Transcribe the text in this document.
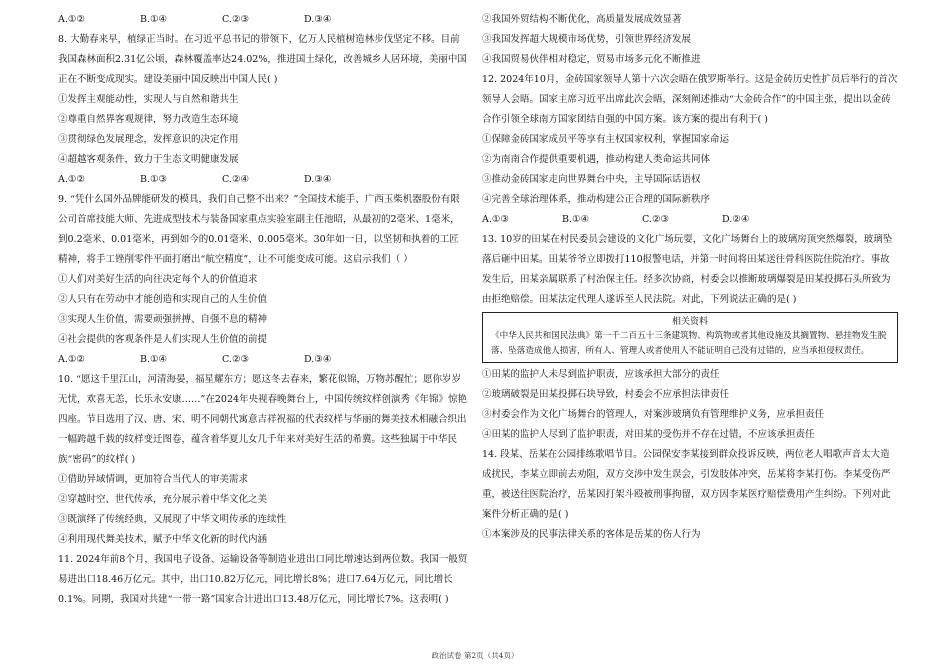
A.①②	B.①④	C.②③	D.③④
8. 大勤春来早，植绿正当时。在习近平总书记的带领下，亿万人民植树造林步伐坚定不移。目前我国森林面积2.31亿公顷，森林覆盖率达24.02%，推进国土绿化，改善城乡人居环境，美丽中国正在不断变成现实。建设美丽中国反映出中国人民( )
①发挥主观能动性，实现人与自然和谐共生
②尊重自然界客观规律，努力改造生态环境
③贯彻绿色发展理念，发挥意识的决定作用
④超越客观条件，致力于生态文明健康发展
A.①②	B.①③	C.②④	D.③④
9. “凭什么国外品牌能研发的模具，我们自己整不出来？”全国技术能手、广西玉柴机器股份有限公司首席技能大师、先进成型技术与装备国家重点实验室副主任池昭，从最初的2毫米、1毫米，到0.2毫米、0.01毫米，再到如今的0.01毫米、0.005毫米。30年如一日，以坚韧和执着的工匠精神，将手工锉削零件平面打磨出“航空精度”，让不可能变成可能。这启示我们（ ）
①人们对美好生活的向往决定每个人的价值追求
②人只有在劳动中才能创造和实现自己的人生价值
③实现人生价值，需要顽强拼搏、自强不息的精神
④社会提供的客观条件是人们实现人生价值的前提
A.①②	B.①④	C.②③	D.③④
10. “愿这千里江山，河清海晏，福星耀东方；愿这冬去春来，繁花似锦，万物苏醒忙；愿你岁岁无忧，欢喜无恙，长乐永安康……”在2024年央视春晚舞台上，中国传统纹样创演秀《年锦》惊艳四座。节目选用了汉、唐、宋、明不同朝代寓意吉祥祝福的代表纹样与华丽的舞美技术相融合织出一幅跨越千载的纹样变迁图卷，蕴含着华夏儿女几千年来对美好生活的希冀。这些独属于中华民族“密码”的纹样( )
①借助异域情调，更加符合当代人的审美需求
②穿越时空、世代传承，充分展示着中华文化之美
③既演绎了传统经典，又展现了中华文明传承的连续性
④利用现代舞美技术，赋予中华文化新的时代内涵
11. 2024年前8个月，我国电子设备、运输设备等制造业进出口同比增速达到两位数。我国一般贸易进出口18.46万亿元。其中，出口10.82万亿元，同比增长8%；进口7.64万亿元，同比增长0.1%。同期，我国对共建“一带一路”国家合计进出口13.48万亿元，同比增长7%。这表明( )
②我国外贸结构不断优化，高质量发展成效显著
③我国发挥超大规模市场优势，引领世界经济发展
④我国贸易伙伴相对稳定，贸易市场多元化不断推进
12. 2024年10月，金砖国家领导人第十六次会晤在俄罗斯举行。这是金砖历史性扩员后举行的首次领导人会晤。国家主席习近平出席此次会晤，深刻阐述推动“大金砖合作”的中国主张，提出以金砖合作引领全球南方国家团结自强的中国方案。该方案的提出有利于( )
①保障金砖国家成员平等享有主权国家权利，掌握国家命运
②为南南合作提供重要机遇，推动构建人类命运共同体
③推动金砖国家走向世界舞台中央，主导国际话语权
④完善全球治理体系，推动构建公正合理的国际新秩序
A.①③	B.①④	C.②③	D.②④
13. 10岁的田某在村民委员会建设的文化广场玩耍，文化广场舞台上的玻璃房顶突然爆裂，玻璃坠落后砸中田某。田某爷爷立即拨打110报警电话，并第一时间将田某送往骨科医院住院治疗。事故发生后，田某亲属联系了村治保主任。经多次协商，村委会以推断玻璃爆裂是田某投掷石头所致为由拒绝赔偿。田某法定代理人遂诉至人民法院。对此，下列说法正确的是( )
相关资料
《中华人民共和国民法典》第一千二百五十三条建筑物、构筑物或者其他设施及其搁置物、悬挂物发生脱落、坠落造成他人损害，所有人、管理人或者使用人不能证明自己没有过错的，应当承担侵权责任。
①田某的监护人未尽到监护职责，应该承担大部分的责任
②玻璃破裂是田某投掷石块导致，村委会不应承担法律责任
③村委会作为文化广场舞台的管理人，对案涉玻璃负有管理维护义务，应承担责任
④田某的监护人尽到了监护职责，对田某的受伤并不存在过错，不应该承担责任
14. 段某、岳某在公园排练歌唱节目。公园保安李某接到群众投诉反映，两位老人唱歌声音太大造成扰民，李某立即前去劝阻，双方交涉中发生误会，引发肢体冲突，岳某将李某打伤。李某受伤严重，被送往医院治疗，岳某因打架斗殴被刑事拘留，双方因李某医疗赔偿费用产生纠纷。下列对此案件分析正确的是( )
①本案涉及的民事法律关系的客体是岳某的伤人行为
政治试卷 第2页（共4页）
